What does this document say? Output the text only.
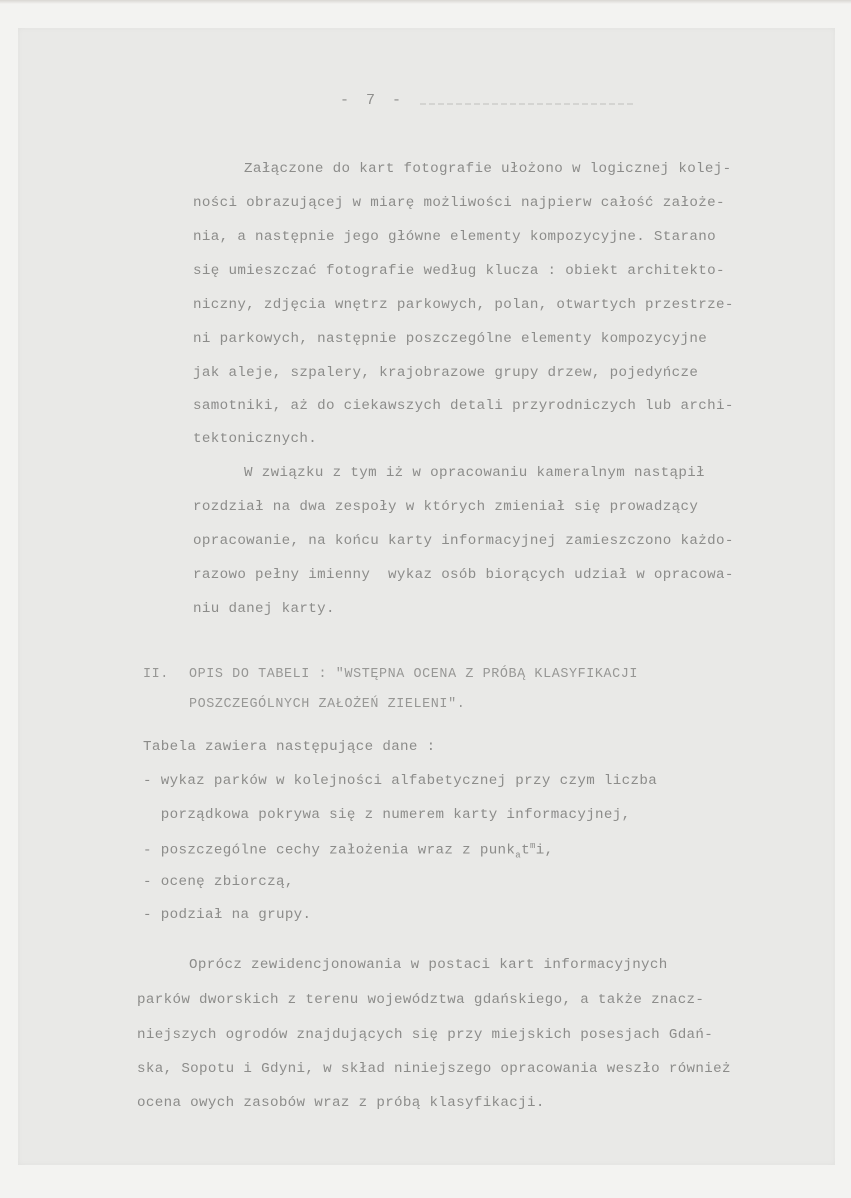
- 7 -
Załączone do kart fotografie ułożono w logicznej kolej-
ności obrazującej w miarę możliwości najpierw całość założe-
nia, a następnie jego główne elementy kompozycyjne. Starano
się umieszczać fotografie według klucza : obiekt architekto-
niczny, zdjęcia wnętrz parkowych, polan, otwartych przestrze-
ni parkowych, następnie poszczególne elementy kompozycyjne
jak aleje, szpalery, krajobrazowe grupy drzew, pojedyńcze
samotniki, aż do ciekawszych detali przyrodniczych lub archi-
tektonicznych.
W związku z tym iż w opracowaniu kameralnym nastąpił
rozdział na dwa zespoły w których zmieniał się prowadzący
opracowanie, na końcu karty informacyjnej zamieszczono każdo-
razowo pełny imienny  wykaz osób biorących udział w opracowa-
niu danej karty.
II. OPIS DO TABELI : "WSTĘPNA OCENA Z PRÓBĄ KLASYFIKACJI
POSZCZEGÓLNYCH ZAŁOŻEŃ ZIELENI".
Tabela zawiera następujące dane :
- wykaz parków w kolejności alfabetycznej przy czym liczba
porządkowa pokrywa się z numerem karty informacyjnej,
- poszczególne cechy założenia wraz z $punk_at^mi$,
- ocenę zbiorczą,
- podział na grupy.
Oprócz zewidencjonowania w postaci kart informacyjnych
parków dworskich z terenu województwa gdańskiego, a także znacz-
niejszych ogrodów znajdujących się przy miejskich posesjach Gdań-
ska, Sopotu i Gdyni, w skład niniejszego opracowania weszło również
ocena owych zasobów wraz z próbą klasyfikacji.
